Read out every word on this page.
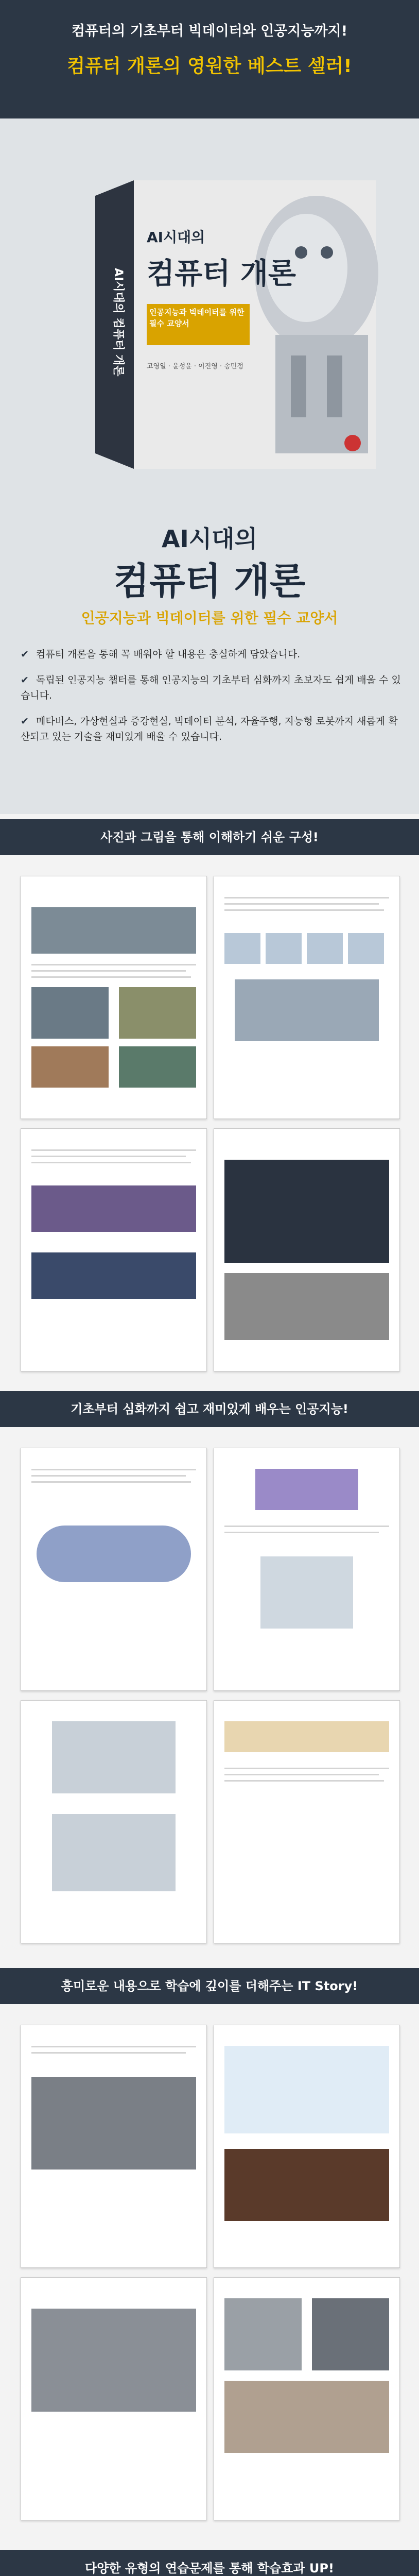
컴퓨터의 기초부터 빅데이터와 인공지능까지!
컴퓨터 개론의 영원한 베스트 셀러!
AI시대의 컴퓨터 개론
AI시대의
컴퓨터 개론
인공지능과 빅데이터를 위한 필수 교양서
고영일 · 윤성윤 · 이진영 · 송민정
AI시대의
컴퓨터 개론
인공지능과 빅데이터를 위한 필수 교양서
✔ 컴퓨터 개론을 통해 꼭 배워야 할 내용은 충실하게 담았습니다.
✔ 독립된 인공지능 챕터를 통해 인공지능의 기초부터 심화까지 초보자도 쉽게 배울 수 있습니다.
✔ 메타버스, 가상현실과 증강현실, 빅데이터 분석, 자율주행, 지능형 로봇까지 새롭게 확산되고 있는 기술을 재미있게 배울 수 있습니다.
사진과 그림을 통해 이해하기 쉬운 구성!
기초부터 심화까지 쉽고 재미있게 배우는 인공지능!
흥미로운 내용으로 학습에 깊이를 더해주는 IT Story!
다양한 유형의 연습문제를 통해 학습효과 UP!
